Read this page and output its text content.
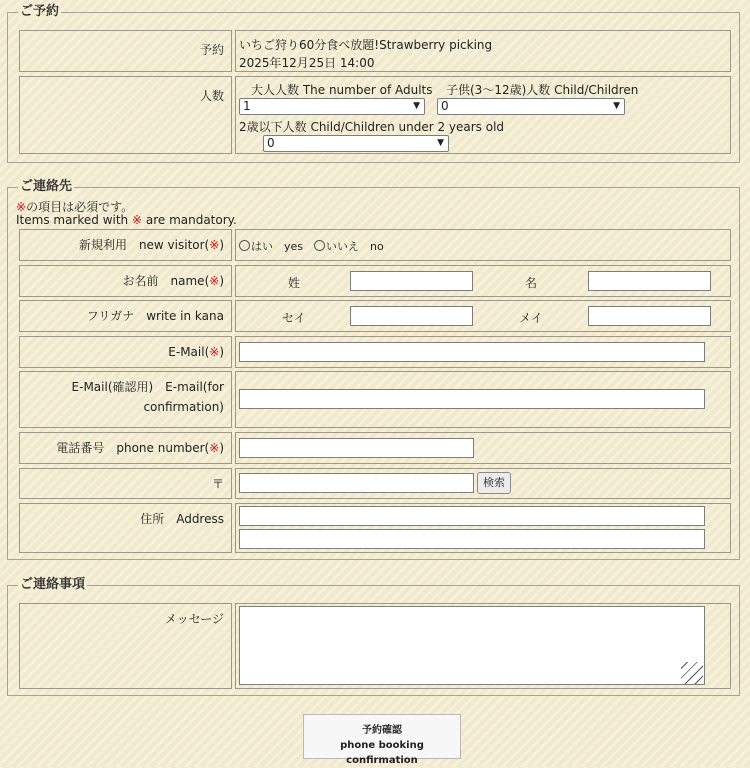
ご予約
予約	いちご狩り60分食べ放題!Strawberry picking
2025年12月25日 14:00
人数	大人人数 The number of Adults
1	▼
子供(3～12歳)人数 Child/Children
0	▼
2歳以下人数 Child/Children under 2 years old
0	▼
ご連絡先
※の項目は必須です。
Items marked with ※ are mandatory.
新規利用　new visitor(※)	はい　yes	いいえ　no
お名前　name(※)	姓	名
フリガナ　write in kana	セイ	メイ
E-Mail(※)
E-Mail(確認用)　E-mail(for confirmation)
電話番号　phone number(※)
〒	検索
住所　Address
ご連絡事項
メッセージ
予約確認
phone booking confirmation
